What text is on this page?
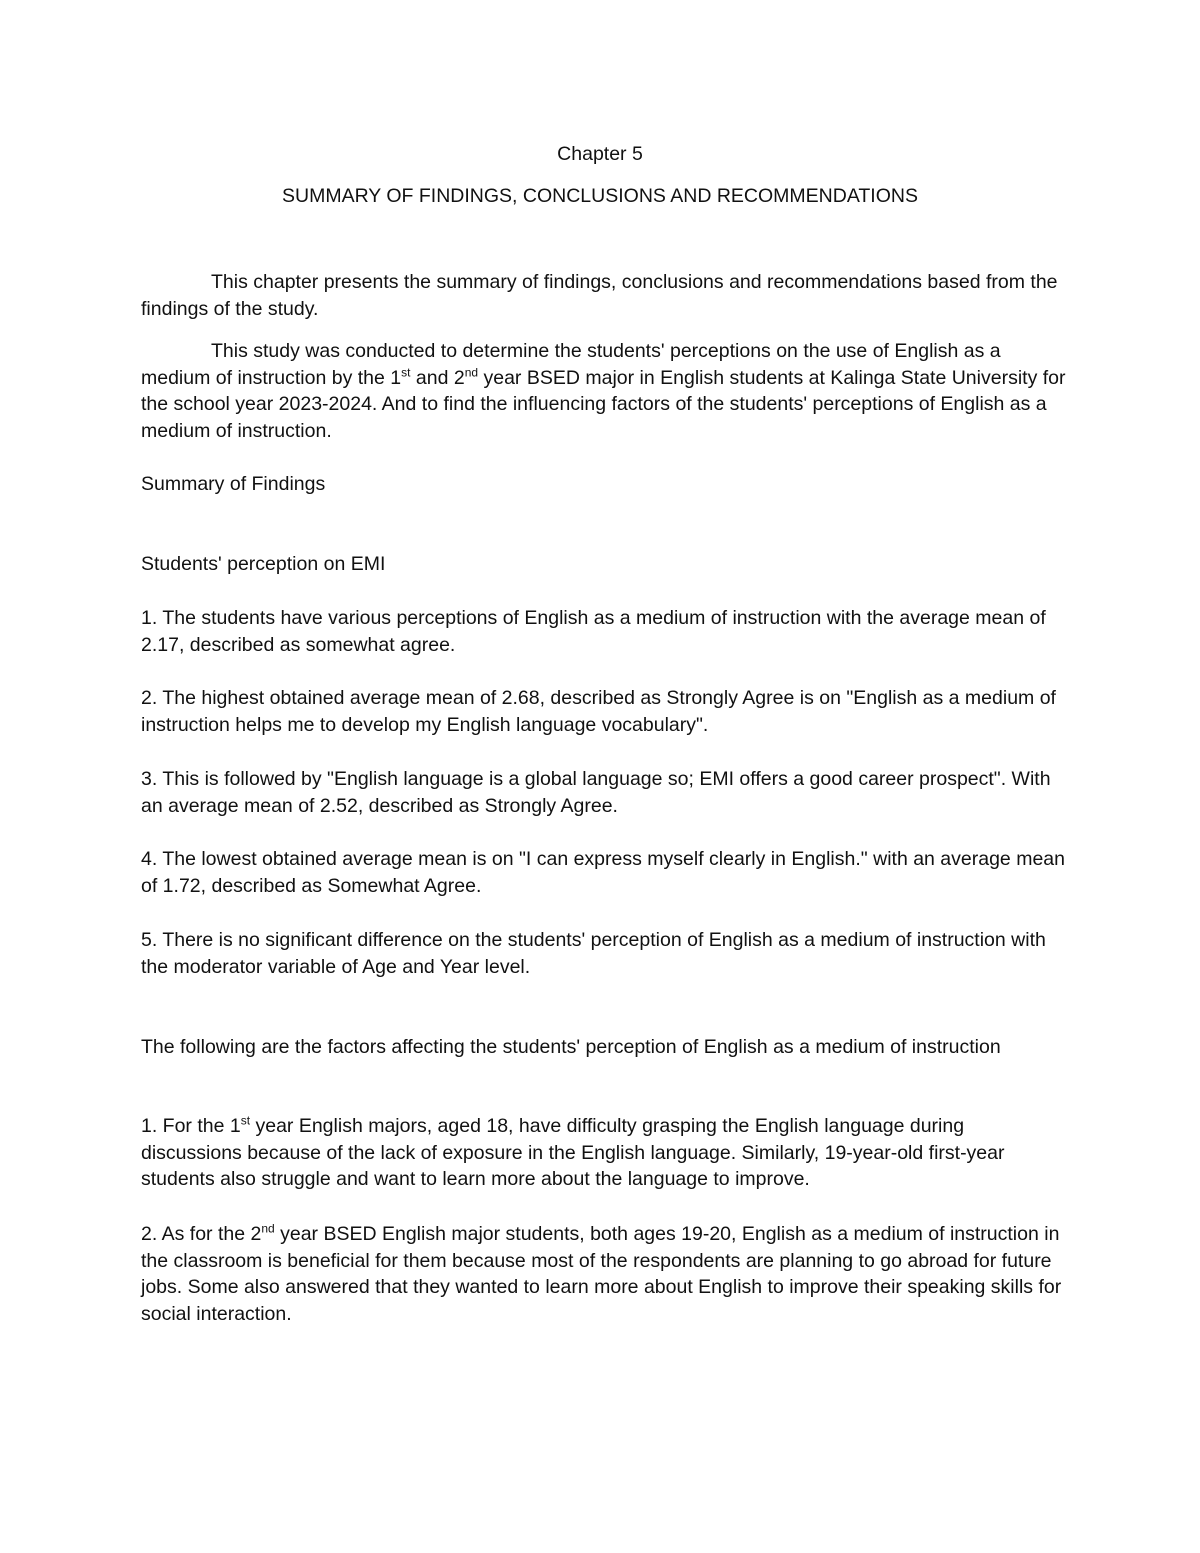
Chapter 5

SUMMARY OF FINDINGS, CONCLUSIONS AND RECOMMENDATIONS

This chapter presents the summary of findings, conclusions and recommendations based from the findings of the study.

This study was conducted to determine the students' perceptions on the use of English as a medium of instruction by the 1st and 2nd year BSED major in English students at Kalinga State University for the school year 2023-2024. And to find the influencing factors of the students' perceptions of English as a medium of instruction.

Summary of Findings

Students' perception on EMI

1. The students have various perceptions of English as a medium of instruction with the average mean of 2.17, described as somewhat agree.

2. The highest obtained average mean of 2.68, described as Strongly Agree is on "English as a medium of instruction helps me to develop my English language vocabulary".

3. This is followed by "English language is a global language so; EMI offers a good career prospect". With an average mean of 2.52, described as Strongly Agree.

4. The lowest obtained average mean is on "I can express myself clearly in English." with an average mean of 1.72, described as Somewhat Agree.

5. There is no significant difference on the students' perception of English as a medium of instruction with the moderator variable of Age and Year level.

The following are the factors affecting the students' perception of English as a medium of instruction

1. For the 1st year English majors, aged 18, have difficulty grasping the English language during discussions because of the lack of exposure in the English language. Similarly, 19-year-old first-year students also struggle and want to learn more about the language to improve.

2. As for the 2nd year BSED English major students, both ages 19-20, English as a medium of instruction in the classroom is beneficial for them because most of the respondents are planning to go abroad for future jobs. Some also answered that they wanted to learn more about English to improve their speaking skills for social interaction.
